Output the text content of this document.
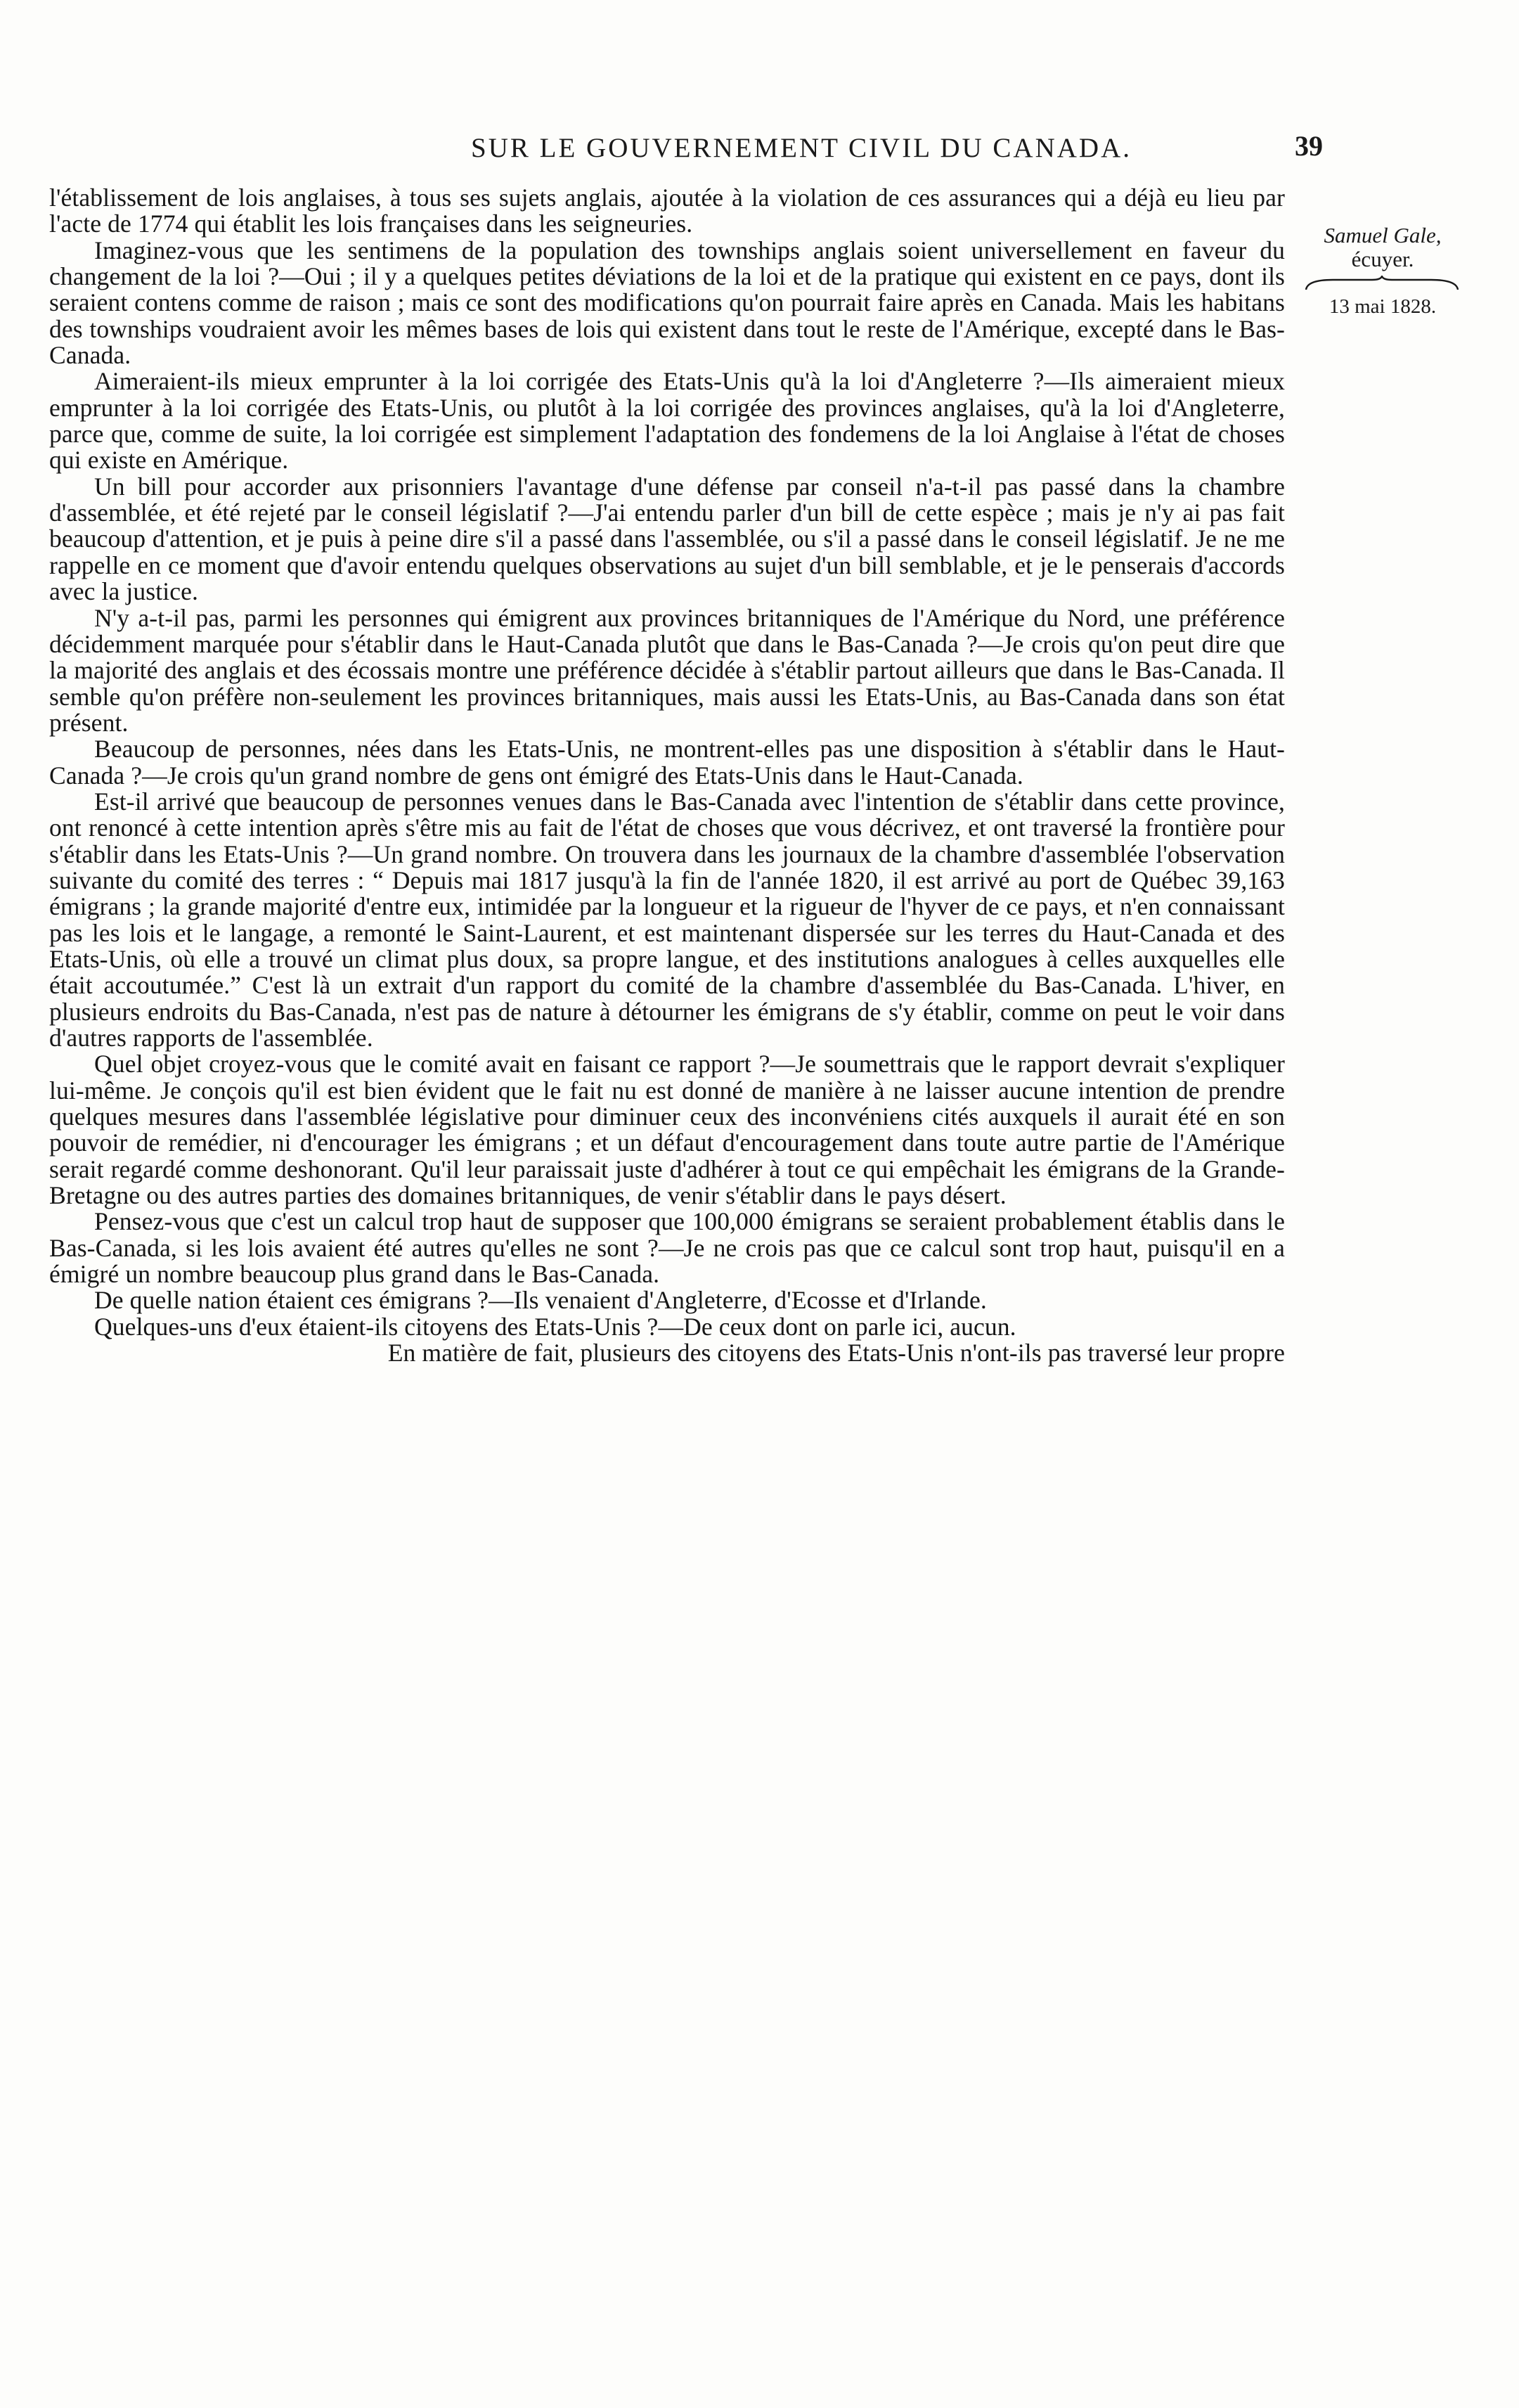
SUR LE GOUVERNEMENT CIVIL DU CANADA.	39
Samuel Gale,
écuyer.
13 mai 1828.

l'établissement de lois anglaises, à tous ses sujets anglais, ajoutée à la violation de ces assurances qui a déjà eu lieu par l'acte de 1774 qui établit les lois françaises dans les seigneuries.

Imaginez-vous que les sentimens de la population des townships anglais soient universellement en faveur du changement de la loi ?—Oui ; il y a quelques petites déviations de la loi et de la pratique qui existent en ce pays, dont ils seraient contens comme de raison ; mais ce sont des modifications qu'on pourrait faire après en Canada. Mais les habitans des townships voudraient avoir les mêmes bases de lois qui existent dans tout le reste de l'Amérique, excepté dans le Bas-Canada.

Aimeraient-ils mieux emprunter à la loi corrigée des Etats-Unis qu'à la loi d'Angleterre ?—Ils aimeraient mieux emprunter à la loi corrigée des Etats-Unis, ou plutôt à la loi corrigée des provinces anglaises, qu'à la loi d'Angleterre, parce que, comme de suite, la loi corrigée est simplement l'adaptation des fondemens de la loi Anglaise à l'état de choses qui existe en Amérique.

Un bill pour accorder aux prisonniers l'avantage d'une défense par conseil n'a-t-il pas passé dans la chambre d'assemblée, et été rejeté par le conseil législatif ?—J'ai entendu parler d'un bill de cette espèce ; mais je n'y ai pas fait beaucoup d'attention, et je puis à peine dire s'il a passé dans l'assemblée, ou s'il a passé dans le conseil législatif. Je ne me rappelle en ce moment que d'avoir entendu quelques observations au sujet d'un bill semblable, et je le penserais d'accords avec la justice.

N'y a-t-il pas, parmi les personnes qui émigrent aux provinces britanniques de l'Amérique du Nord, une préférence décidemment marquée pour s'établir dans le Haut-Canada plutôt que dans le Bas-Canada ?—Je crois qu'on peut dire que la majorité des anglais et des écossais montre une préférence décidée à s'établir partout ailleurs que dans le Bas-Canada. Il semble qu'on préfère non-seulement les provinces britanniques, mais aussi les Etats-Unis, au Bas-Canada dans son état présent.

Beaucoup de personnes, nées dans les Etats-Unis, ne montrent-elles pas une disposition à s'établir dans le Haut-Canada ?—Je crois qu'un grand nombre de gens ont émigré des Etats-Unis dans le Haut-Canada.

Est-il arrivé que beaucoup de personnes venues dans le Bas-Canada avec l'intention de s'établir dans cette province, ont renoncé à cette intention après s'être mis au fait de l'état de choses que vous décrivez, et ont traversé la frontière pour s'établir dans les Etats-Unis ?—Un grand nombre. On trouvera dans les journaux de la chambre d'assemblée l'observation suivante du comité des terres : “ Depuis mai 1817 jusqu'à la fin de l'année 1820, il est arrivé au port de Québec 39,163 émigrans ; la grande majorité d'entre eux, intimidée par la longueur et la rigueur de l'hyver de ce pays, et n'en connaissant pas les lois et le langage, a remonté le Saint-Laurent, et est maintenant dispersée sur les terres du Haut-Canada et des Etats-Unis, où elle a trouvé un climat plus doux, sa propre langue, et des institutions analogues à celles auxquelles elle était accoutumée.” C'est là un extrait d'un rapport du comité de la chambre d'assemblée du Bas-Canada. L'hiver, en plusieurs endroits du Bas-Canada, n'est pas de nature à détourner les émigrans de s'y établir, comme on peut le voir dans d'autres rapports de l'assemblée.

Quel objet croyez-vous que le comité avait en faisant ce rapport ?—Je soumettrais que le rapport devrait s'expliquer lui-même. Je conçois qu'il est bien évident que le fait nu est donné de manière à ne laisser aucune intention de prendre quelques mesures dans l'assemblée législative pour diminuer ceux des inconvéniens cités auxquels il aurait été en son pouvoir de remédier, ni d'encourager les émigrans ; et un défaut d'encouragement dans toute autre partie de l'Amérique serait regardé comme deshonorant. Qu'il leur paraissait juste d'adhérer à tout ce qui empêchait les émigrans de la Grande-Bretagne ou des autres parties des domaines britanniques, de venir s'établir dans le pays désert.

Pensez-vous que c'est un calcul trop haut de supposer que 100,000 émigrans se seraient probablement établis dans le Bas-Canada, si les lois avaient été autres qu'elles ne sont ?—Je ne crois pas que ce calcul sont trop haut, puisqu'il en a émigré un nombre beaucoup plus grand dans le Bas-Canada.

De quelle nation étaient ces émigrans ?—Ils venaient d'Angleterre, d'Ecosse et d'Irlande.

Quelques-uns d'eux étaient-ils citoyens des Etats-Unis ?—De ceux dont on parle ici, aucun.

En matière de fait, plusieurs des citoyens des Etats-Unis n'ont-ils pas traversé leur propre
